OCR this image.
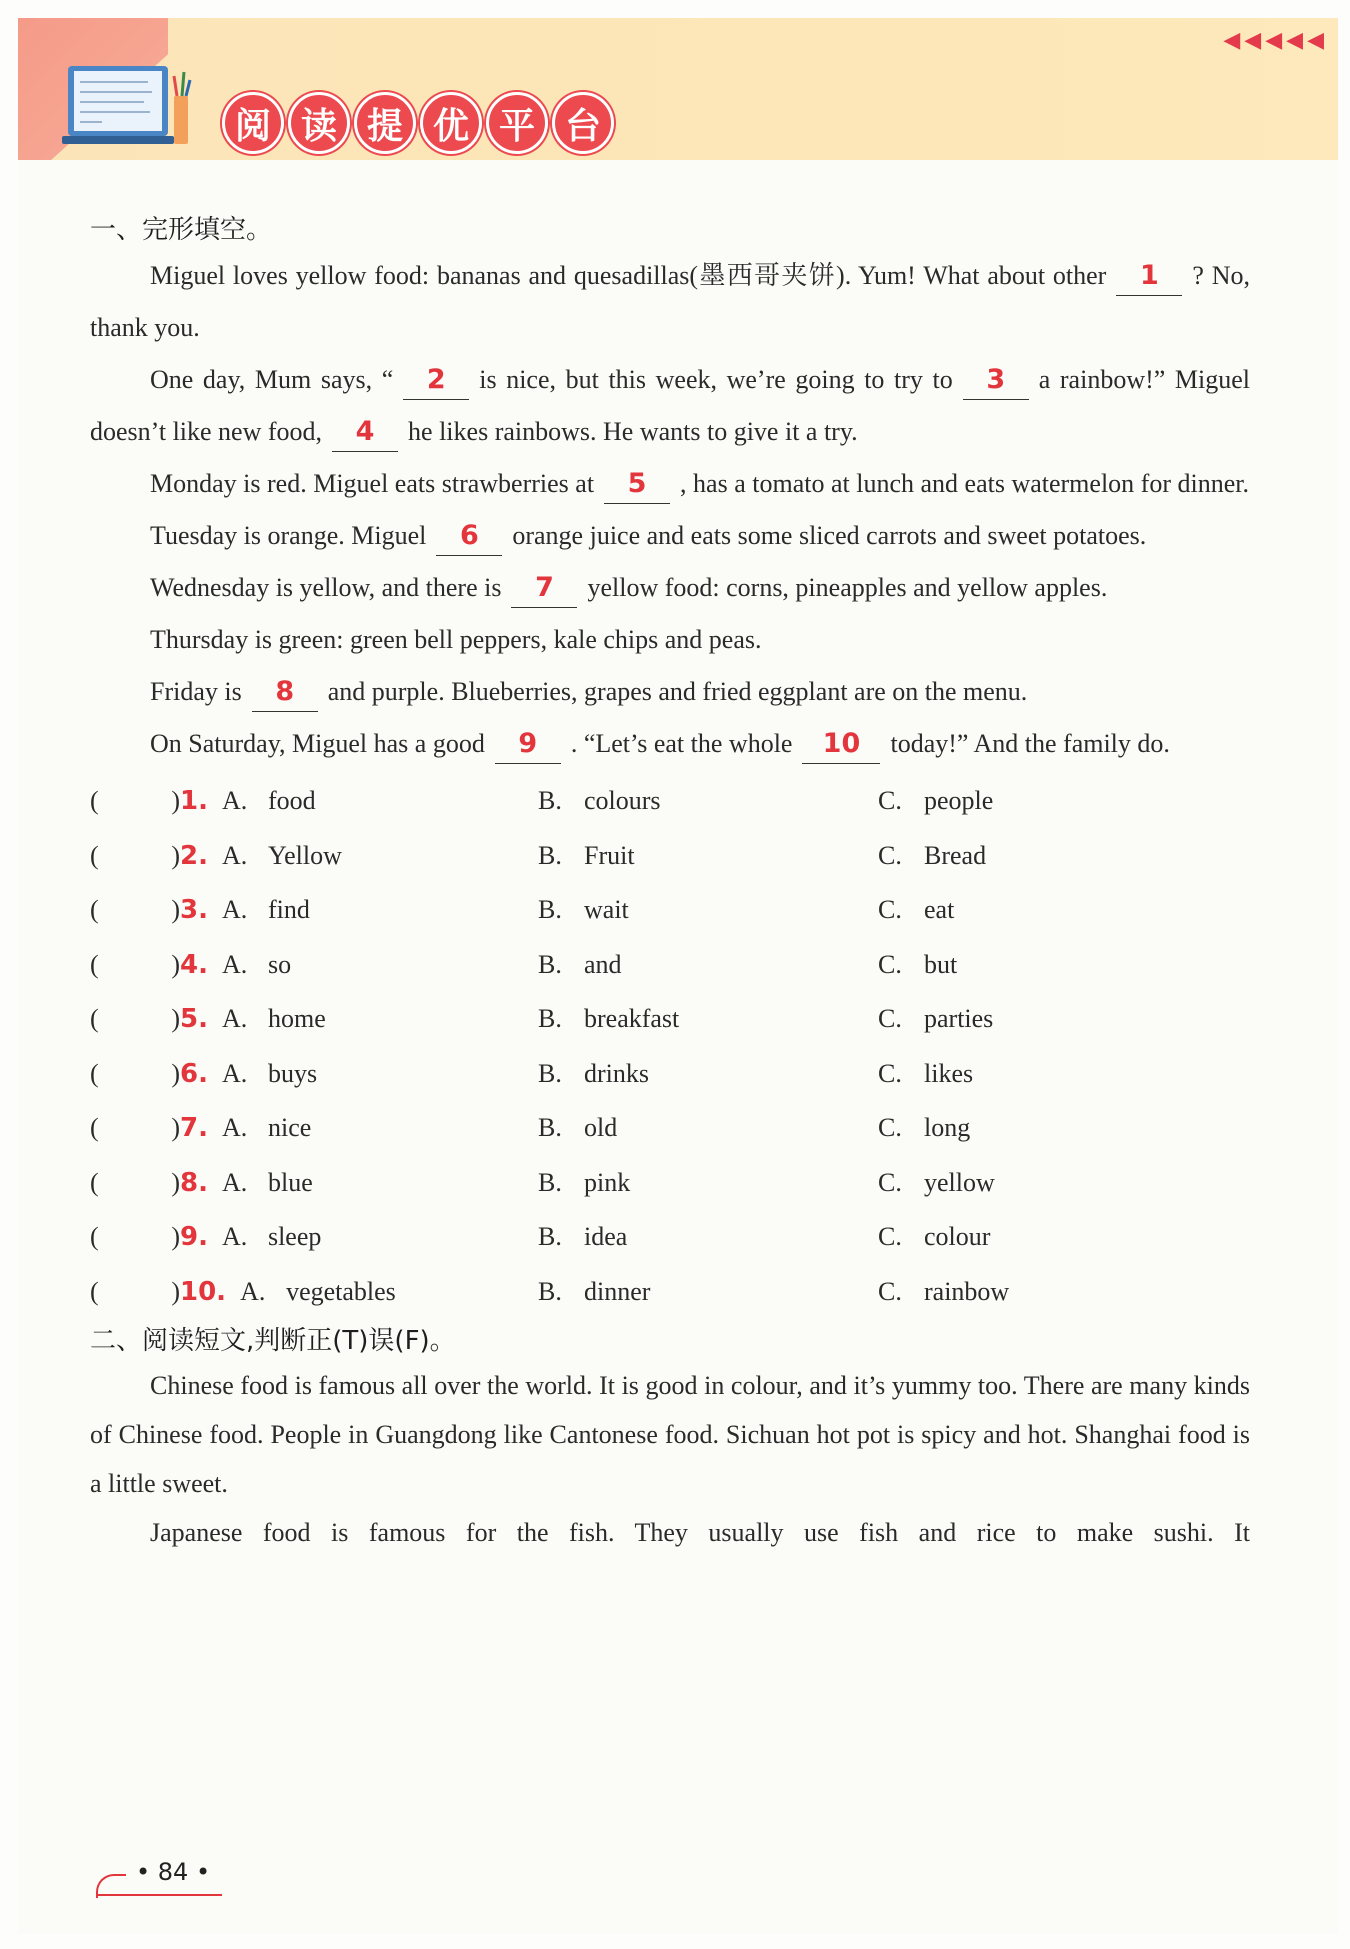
◀◀◀◀◀
阅 读 提 优 平 台
一、完形填空。
Miguel loves yellow food: bananas and quesadillas(墨西哥夹饼). Yum! What about other 1 ? No, thank you.
One day, Mum says, “ 2 is nice, but this week, we’re going to try to 3 a rainbow!” Miguel doesn’t like new food, 4 he likes rainbows. He wants to give it a try.
Monday is red. Miguel eats strawberries at 5 , has a tomato at lunch and eats watermelon for dinner.
Tuesday is orange. Miguel 6 orange juice and eats some sliced carrots and sweet potatoes.
Wednesday is yellow, and there is 7 yellow food: corns, pineapples and yellow apples.
Thursday is green: green bell peppers, kale chips and peas.
Friday is 8 and purple. Blueberries, grapes and fried eggplant are on the menu.
On Saturday, Miguel has a good 9 . “Let’s eat the whole 10 today!” And the family do.
(	) 1. A. food	B. colours	C. people
(	) 2. A. Yellow	B. Fruit	C. Bread
(	) 3. A. find	B. wait	C. eat
(	) 4. A. so	B. and	C. but
(	) 5. A. home	B. breakfast	C. parties
(	) 6. A. buys	B. drinks	C. likes
(	) 7. A. nice	B. old	C. long
(	) 8. A. blue	B. pink	C. yellow
(	) 9. A. sleep	B. idea	C. colour
(	) 10. A. vegetables	B. dinner	C. rainbow
二、阅读短文,判断正(T)误(F)。
Chinese food is famous all over the world. It is good in colour, and it’s yummy too. There are many kinds of Chinese food. People in Guangdong like Cantonese food. Sichuan hot pot is spicy and hot. Shanghai food is a little sweet.
Japanese food is famous for the fish. They usually use fish and rice to make sushi. It
• 84 •
